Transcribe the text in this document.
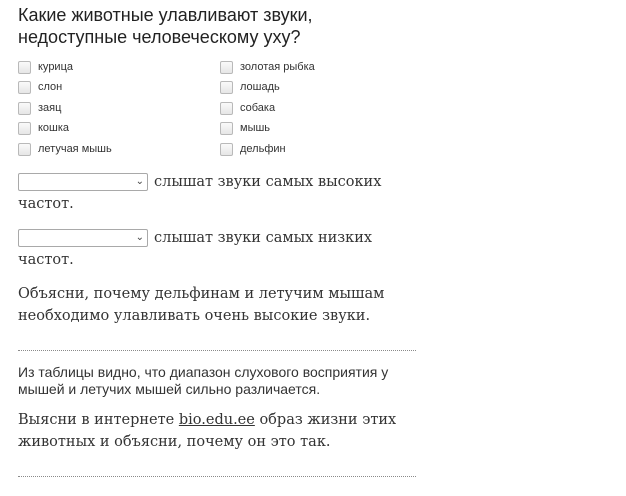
Какие животные улавливают звуки,
недоступные человеческому уху?
курица
слон
заяц
кошка
летучая мышь
золотая рыбка
лошадь
собака
мышь
дельфин
⌄ слышат звуки самых высоких
частот.
⌄ слышат звуки самых низких
частот.
Объясни, почему дельфинам и летучим мышам
необходимо улавливать очень высокие звуки.
Из таблицы видно, что диапазон слухового восприятия у
мышей и летучих мышей сильно различается.
Выясни в интернете bio.edu.ee образ жизни этих
животных и объясни, почему он это так.
